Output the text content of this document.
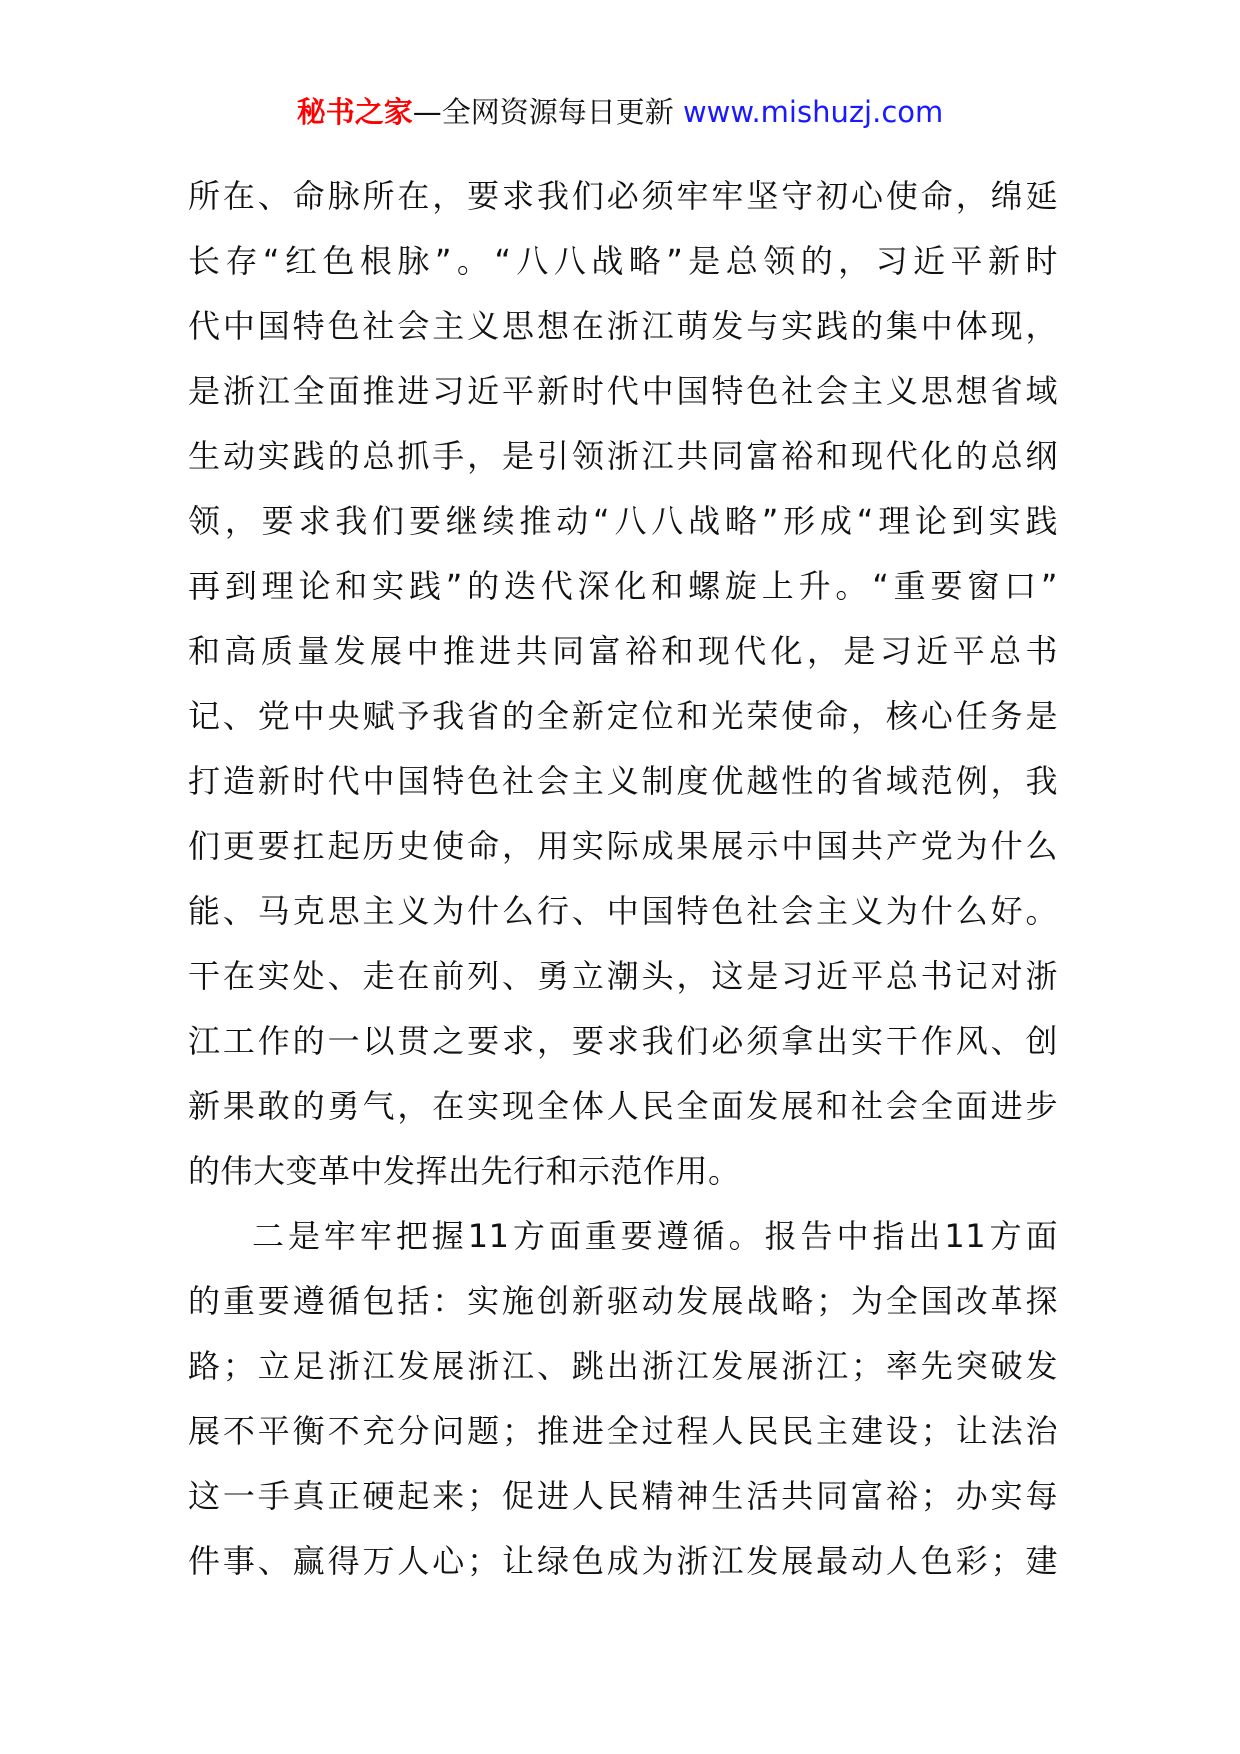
秘书之家—全网资源每日更新 www.mishuzj.com
所在、命脉所在，要求我们必须牢牢坚守初心使命，绵延
长存“红色根脉”。“八八战略”是总领的，习近平新时
代中国特色社会主义思想在浙江萌发与实践的集中体现，
是浙江全面推进习近平新时代中国特色社会主义思想省域
生动实践的总抓手，是引领浙江共同富裕和现代化的总纲
领，要求我们要继续推动“八八战略”形成“理论到实践
再到理论和实践”的迭代深化和螺旋上升。“重要窗口”
和高质量发展中推进共同富裕和现代化，是习近平总书
记、党中央赋予我省的全新定位和光荣使命，核心任务是
打造新时代中国特色社会主义制度优越性的省域范例，我
们更要扛起历史使命，用实际成果展示中国共产党为什么
能、马克思主义为什么行、中国特色社会主义为什么好。
干在实处、走在前列、勇立潮头，这是习近平总书记对浙
江工作的一以贯之要求，要求我们必须拿出实干作风、创
新果敢的勇气，在实现全体人民全面发展和社会全面进步
的伟大变革中发挥出先行和示范作用。
二是牢牢把握11方面重要遵循。报告中指出11方面
的重要遵循包括：实施创新驱动发展战略；为全国改革探
路；立足浙江发展浙江、跳出浙江发展浙江；率先突破发
展不平衡不充分问题；推进全过程人民民主建设；让法治
这一手真正硬起来；促进人民精神生活共同富裕；办实每
件事、赢得万人心；让绿色成为浙江发展最动人色彩；建
